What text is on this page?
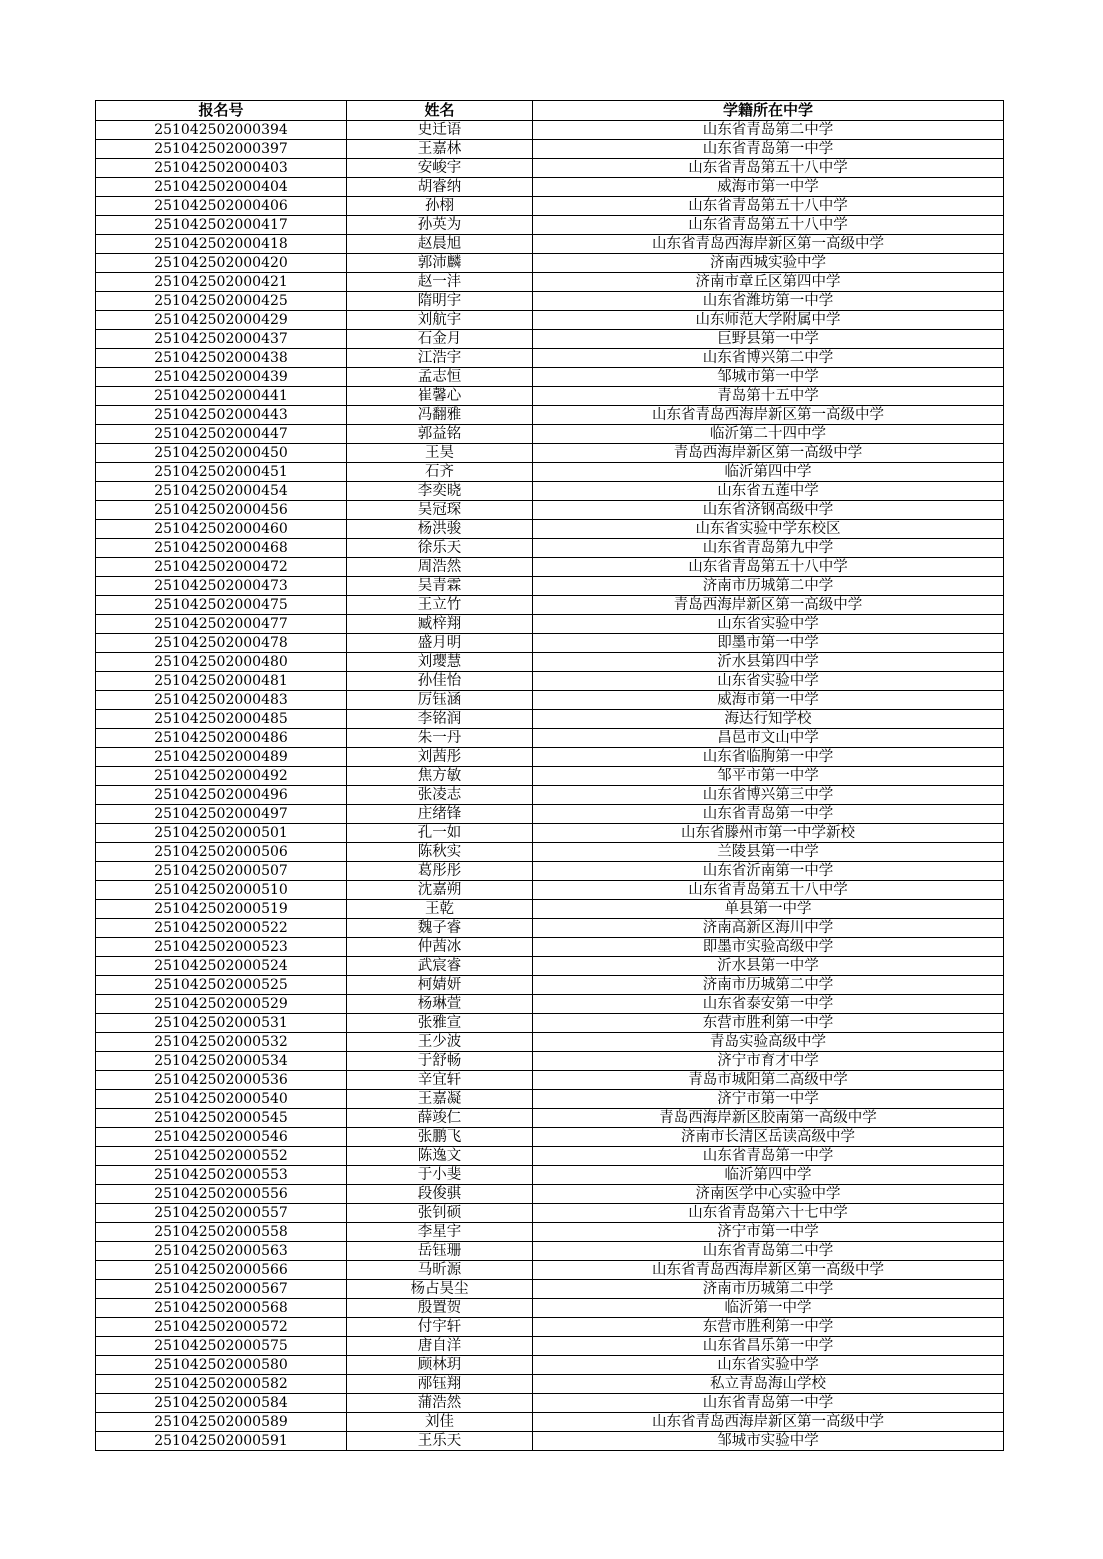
报名号	姓名	学籍所在中学
251042502000394	史迁语	山东省青岛第二中学
251042502000397	王嘉林	山东省青岛第一中学
251042502000403	安峻宇	山东省青岛第五十八中学
251042502000404	胡睿纳	威海市第一中学
251042502000406	孙栩	山东省青岛第五十八中学
251042502000417	孙英为	山东省青岛第五十八中学
251042502000418	赵晨旭	山东省青岛西海岸新区第一高级中学
251042502000420	郭沛麟	济南西城实验中学
251042502000421	赵一沣	济南市章丘区第四中学
251042502000425	隋明宇	山东省潍坊第一中学
251042502000429	刘航宇	山东师范大学附属中学
251042502000437	石金月	巨野县第一中学
251042502000438	江浩宇	山东省博兴第二中学
251042502000439	孟志恒	邹城市第一中学
251042502000441	崔馨心	青岛第十五中学
251042502000443	冯翻雅	山东省青岛西海岸新区第一高级中学
251042502000447	郭益铭	临沂第二十四中学
251042502000450	王昊	青岛西海岸新区第一高级中学
251042502000451	石齐	临沂第四中学
251042502000454	李奕晓	山东省五莲中学
251042502000456	吴冠琛	山东省济钢高级中学
251042502000460	杨洪骏	山东省实验中学东校区
251042502000468	徐乐天	山东省青岛第九中学
251042502000472	周浩然	山东省青岛第五十八中学
251042502000473	吴青霖	济南市历城第二中学
251042502000475	王立竹	青岛西海岸新区第一高级中学
251042502000477	臧梓翔	山东省实验中学
251042502000478	盛月明	即墨市第一中学
251042502000480	刘璎慧	沂水县第四中学
251042502000481	孙佳怡	山东省实验中学
251042502000483	厉钰涵	威海市第一中学
251042502000485	李铭润	海达行知学校
251042502000486	朱一丹	昌邑市文山中学
251042502000489	刘茜彤	山东省临朐第一中学
251042502000492	焦方敏	邹平市第一中学
251042502000496	张凌志	山东省博兴第三中学
251042502000497	庄绪锋	山东省青岛第一中学
251042502000501	孔一如	山东省滕州市第一中学新校
251042502000506	陈秋实	兰陵县第一中学
251042502000507	葛彤彤	山东省沂南第一中学
251042502000510	沈嘉朔	山东省青岛第五十八中学
251042502000519	王乾	单县第一中学
251042502000522	魏子睿	济南高新区海川中学
251042502000523	仲茜冰	即墨市实验高级中学
251042502000524	武宸睿	沂水县第一中学
251042502000525	柯婧妍	济南市历城第二中学
251042502000529	杨琳萱	山东省泰安第一中学
251042502000531	张雅宣	东营市胜利第一中学
251042502000532	王少波	青岛实验高级中学
251042502000534	于舒畅	济宁市育才中学
251042502000536	辛宜轩	青岛市城阳第二高级中学
251042502000540	王嘉凝	济宁市第一中学
251042502000545	薛竣仁	青岛西海岸新区胶南第一高级中学
251042502000546	张鹏飞	济南市长清区岳读高级中学
251042502000552	陈逸文	山东省青岛第一中学
251042502000553	于小斐	临沂第四中学
251042502000556	段俊骐	济南医学中心实验中学
251042502000557	张钊硕	山东省青岛第六十七中学
251042502000558	李星宇	济宁市第一中学
251042502000563	岳钰珊	山东省青岛第二中学
251042502000566	马昕源	山东省青岛西海岸新区第一高级中学
251042502000567	杨占昊尘	济南市历城第二中学
251042502000568	殷置贺	临沂第一中学
251042502000572	付宇轩	东营市胜利第一中学
251042502000575	唐自洋	山东省昌乐第一中学
251042502000580	顾林玥	山东省实验中学
251042502000582	邴钰翔	私立青岛海山学校
251042502000584	蒲浩然	山东省青岛第一中学
251042502000589	刘佳	山东省青岛西海岸新区第一高级中学
251042502000591	王乐天	邹城市实验中学
